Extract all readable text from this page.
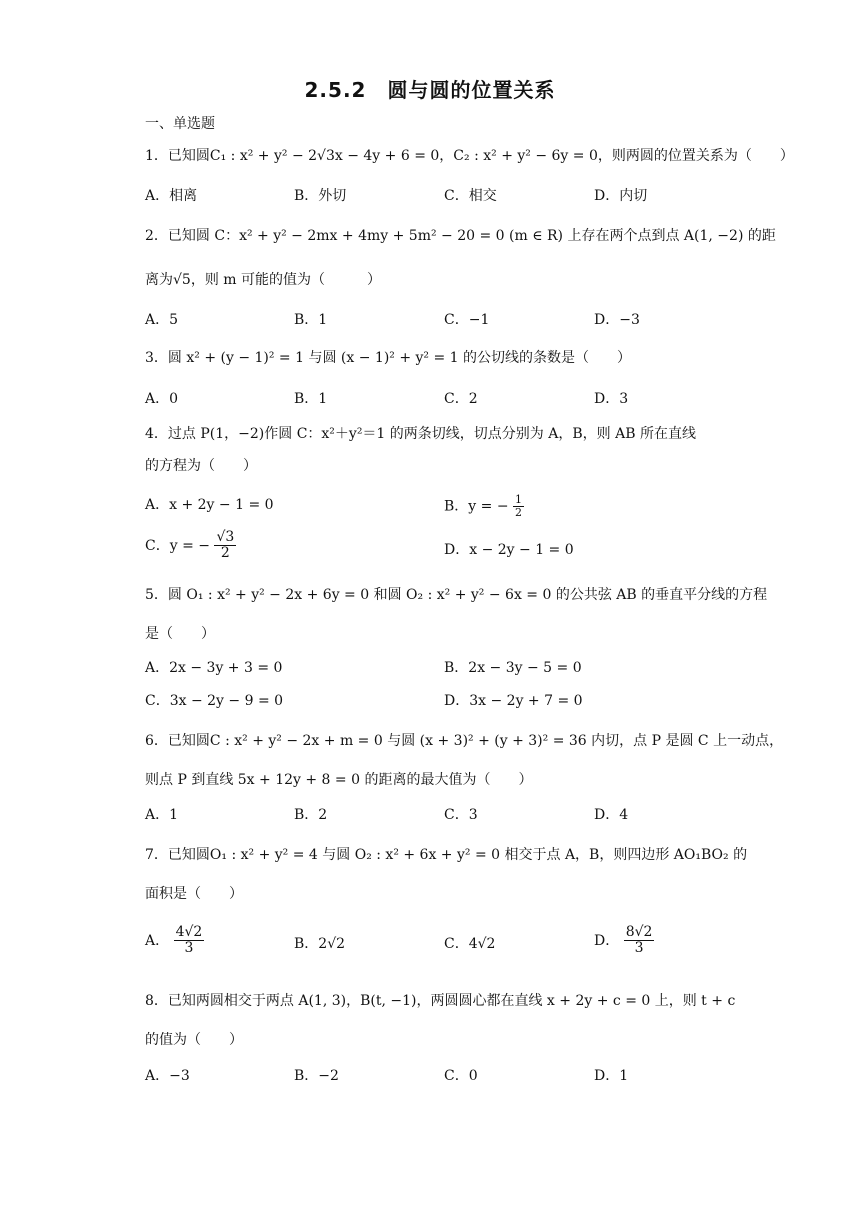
2.5.2　圆与圆的位置关系
一、单选题
1．已知圆C₁ : x² + y² − 2√3x − 4y + 6 = 0，C₂ : x² + y² − 6y = 0，则两圆的位置关系为（　　）
A．相离	B．外切	C．相交	D．内切
2．已知圆 C：x² + y² − 2mx + 4my + 5m² − 20 = 0 (m ∈ R) 上存在两个点到点 A(1, −2) 的距
离为√5，则 m 可能的值为（　　　）
A．5	B．1	C．−1	D．−3
3．圆 x² + (y − 1)² = 1 与圆 (x − 1)² + y² = 1 的公切线的条数是（　　）
A．0	B．1	C．2	D．3
4．过点 P(1，−2)作圆 C：x²＋y²＝1 的两条切线，切点分别为 A，B，则 AB 所在直线
的方程为（　　）
A．x + 2y − 1 = 0	B．y = − $\frac{1}{2}$
C．y = − $\frac{√3}{2}$	D．x − 2y − 1 = 0
5．圆 O₁ : x² + y² − 2x + 6y = 0 和圆 O₂ : x² + y² − 6x = 0 的公共弦 AB 的垂直平分线的方程
是（　　）
A．2x − 3y + 3 = 0	B．2x − 3y − 5 = 0
C．3x − 2y − 9 = 0	D．3x − 2y + 7 = 0
6．已知圆C : x² + y² − 2x + m = 0 与圆 (x + 3)² + (y + 3)² = 36 内切，点 P 是圆 C 上一动点，
则点 P 到直线 5x + 12y + 8 = 0 的距离的最大值为（　　）
A．1	B．2	C．3	D．4
7．已知圆O₁ : x² + y² = 4 与圆 O₂ : x² + 6x + y² = 0 相交于点 A，B，则四边形 AO₁BO₂ 的
面积是（　　）
A． $\frac{4√2}{3}$	B．2√2	C．4√2	D． $\frac{8√2}{3}$
8．已知两圆相交于两点 A(1, 3)，B(t, −1)，两圆圆心都在直线 x + 2y + c = 0 上，则 t + c
的值为（　　）
A．−3	B．−2	C．0	D．1
